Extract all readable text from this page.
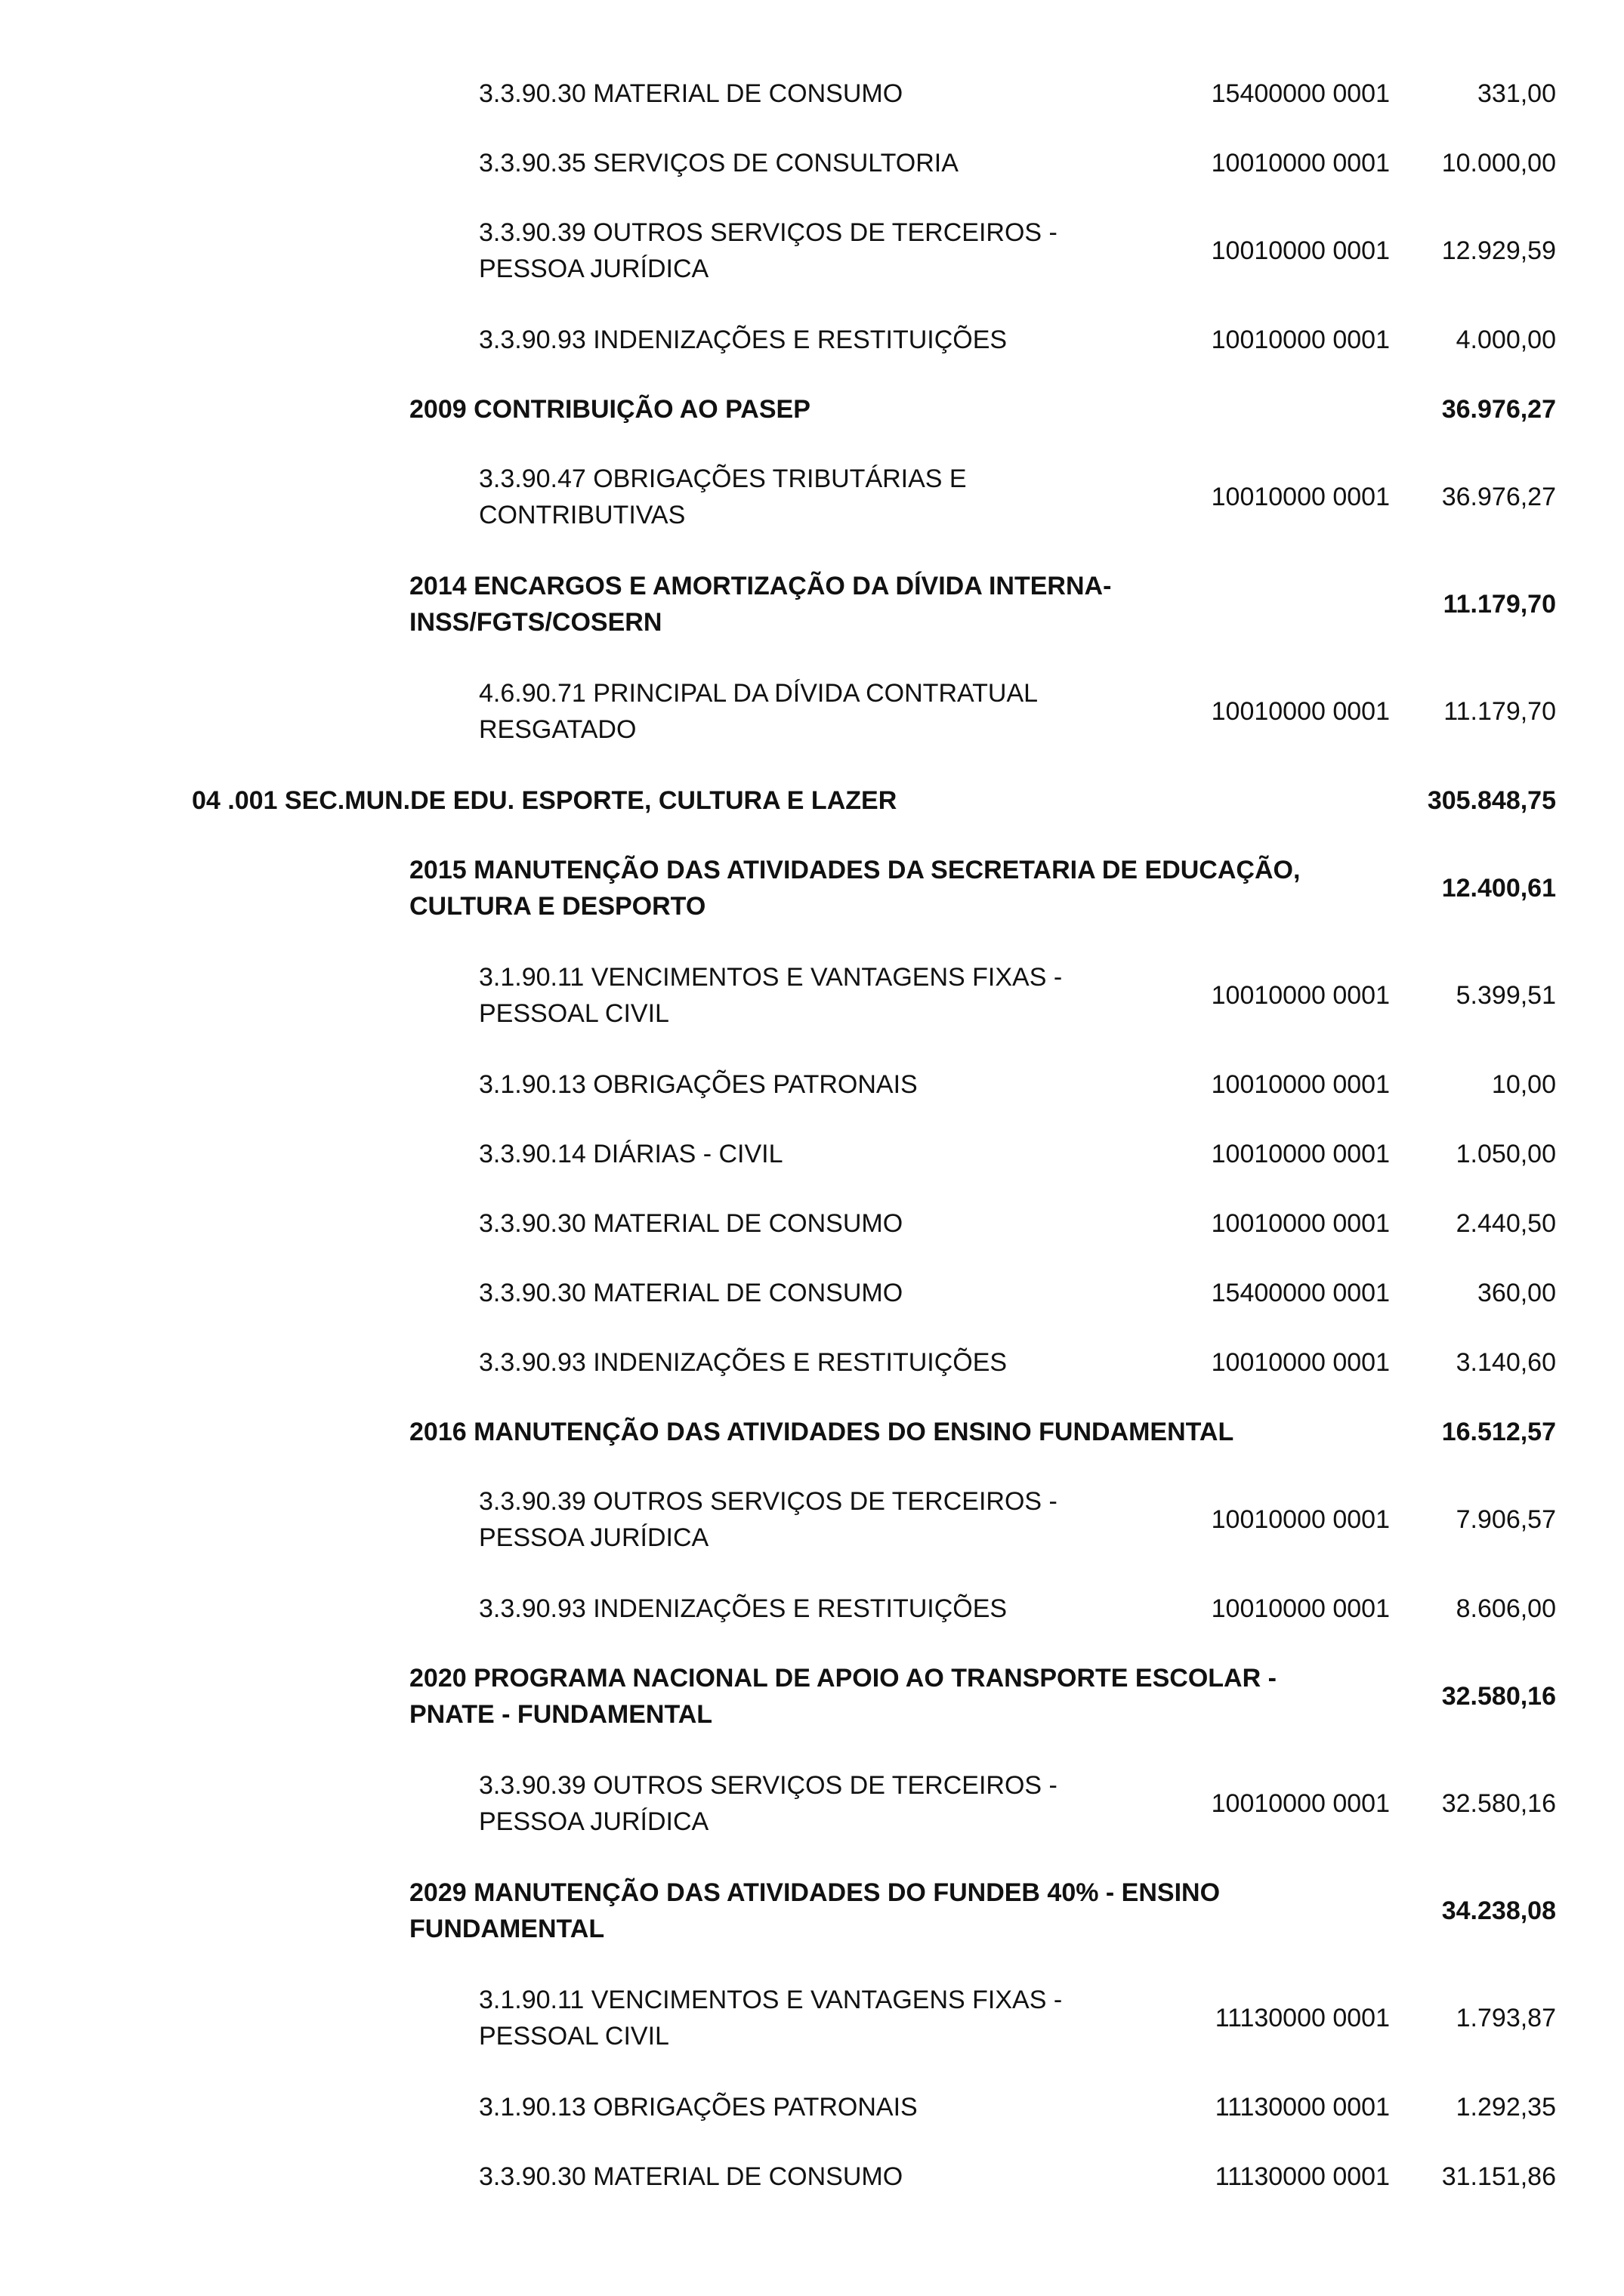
3.3.90.30 MATERIAL DE CONSUMO	15400000 0001	331,00
3.3.90.35 SERVIÇOS DE CONSULTORIA	10010000 0001	10.000,00
3.3.90.39 OUTROS SERVIÇOS DE TERCEIROS -
PESSOA JURÍDICA
10010000 0001	12.929,59
3.3.90.93 INDENIZAÇÕES E RESTITUIÇÕES	10010000 0001	4.000,00
2009 CONTRIBUIÇÃO AO PASEP	36.976,27
3.3.90.47 OBRIGAÇÕES TRIBUTÁRIAS E
CONTRIBUTIVAS
10010000 0001	36.976,27
2014 ENCARGOS E AMORTIZAÇÃO DA DÍVIDA INTERNA-
INSS/FGTS/COSERN
11.179,70
4.6.90.71 PRINCIPAL DA DÍVIDA CONTRATUAL
RESGATADO
10010000 0001	11.179,70
04 .001 SEC.MUN.DE EDU. ESPORTE, CULTURA E LAZER	305.848,75
2015 MANUTENÇÃO DAS ATIVIDADES DA SECRETARIA DE EDUCAÇÃO,
CULTURA E DESPORTO
12.400,61
3.1.90.11 VENCIMENTOS E VANTAGENS FIXAS -
PESSOAL CIVIL
10010000 0001	5.399,51
3.1.90.13 OBRIGAÇÕES PATRONAIS	10010000 0001	10,00
3.3.90.14 DIÁRIAS - CIVIL	10010000 0001	1.050,00
3.3.90.30 MATERIAL DE CONSUMO	10010000 0001	2.440,50
3.3.90.30 MATERIAL DE CONSUMO	15400000 0001	360,00
3.3.90.93 INDENIZAÇÕES E RESTITUIÇÕES	10010000 0001	3.140,60
2016 MANUTENÇÃO DAS ATIVIDADES DO ENSINO FUNDAMENTAL	16.512,57
3.3.90.39 OUTROS SERVIÇOS DE TERCEIROS -
PESSOA JURÍDICA
10010000 0001	7.906,57
3.3.90.93 INDENIZAÇÕES E RESTITUIÇÕES	10010000 0001	8.606,00
2020 PROGRAMA NACIONAL DE APOIO AO TRANSPORTE ESCOLAR -
PNATE - FUNDAMENTAL
32.580,16
3.3.90.39 OUTROS SERVIÇOS DE TERCEIROS -
PESSOA JURÍDICA
10010000 0001	32.580,16
2029 MANUTENÇÃO DAS ATIVIDADES DO FUNDEB 40% - ENSINO
FUNDAMENTAL
34.238,08
3.1.90.11 VENCIMENTOS E VANTAGENS FIXAS -
PESSOAL CIVIL
11130000 0001	1.793,87
3.1.90.13 OBRIGAÇÕES PATRONAIS	11130000 0001	1.292,35
3.3.90.30 MATERIAL DE CONSUMO	11130000 0001	31.151,86
